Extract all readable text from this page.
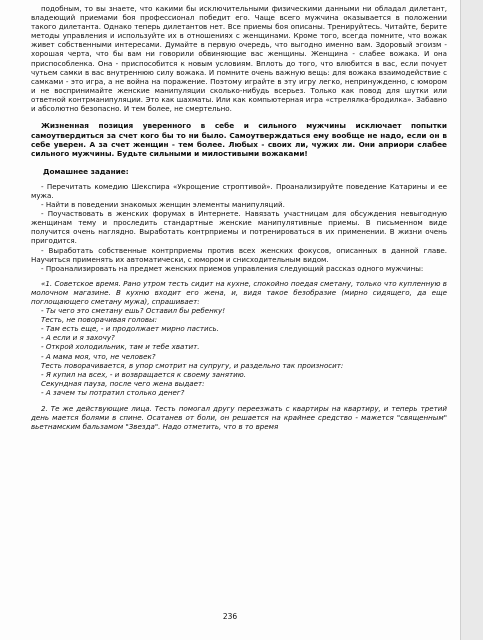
подобным, то вы знаете, что какими бы исключительными физическими данными ни обладал дилетант, владеющий приемами боя профессионал победит его. Чаще всего мужчина оказывается в положении такого дилетанта. Однако теперь дилетантов нет. Все приемы боя описаны. Тренируйтесь. Читайте, берите методы управления и используйте их в отношениях с женщинами. Кроме того, всегда помните, что вожак живет собственными интересами. Думайте в первую очередь, что выгодно именно вам. Здоровый эгоизм - хорошая черта, что бы вам ни говорили обвиняющие вас женщины. Женщина - слабее вожака. И она приспособленка. Она - приспособится к новым условиям. Вплоть до того, что влюбится в вас, если почует чутьем самки в вас внутреннюю силу вожака. И помните очень важную вещь: для вожака взаимодействие с самками - это игра, а не война на поражение. Поэтому играйте в эту игру легко, непринужденно, с юмором и не воспринимайте женские манипуляции сколько-нибудь всерьез. Только как повод для шутки или ответной контрманипуляции. Это как шахматы. Или как компьютерная игра «стрелялка-бродилка». Забавно и абсолютно безопасно. И тем более, не смертельно.

Жизненная позиция уверенного в себе и сильного мужчины исключает попытки самоутвердиться за счет кого бы то ни было. Самоутверждаться ему вообще не надо, если он в себе уверен. А за счет женщин - тем более. Любых - своих ли, чужих ли. Они априори слабее сильного мужчины. Будьте сильными и милостивыми вожаками!

Домашнее задание:

- Перечитать комедию Шекспира «Укрощение строптивой». Проанализируйте поведение Катарины и ее мужа.

- Найти в поведении знакомых женщин элементы манипуляций.

- Поучаствовать в женских форумах в Интернете. Навязать участницам для обсуждения невыгодную женщинам тему и проследить стандартные женские манипулятивные приемы. В письменном виде получится очень наглядно. Выработать контрприемы и потренироваться в их применении. В жизни очень пригодится.

- Выработать собственные контрприемы против всех женских фокусов, описанных в данной главе. Научиться применять их автоматически, с юмором и снисходительным видом.

- Проанализировать на предмет женских приемов управления следующий рассказ одного мужчины:

«1. Советское время. Рано утром тесть сидит на кухне, спокойно поедая сметану, только что купленную в молочном магазине. В кухню входит его жена, и, видя такое безобразие (мирно сидящего, да еще поглощающего сметану мужа), спрашивает:

- Ты чего это сметану ешь? Оставил бы ребенку!

Тесть, не поворачивая головы:

- Там есть еще, - и продолжает мирно пастись.

- А если и я захочу?

- Открой холодильник, там и тебе хватит.

- А мама моя, что, не человек?

Тесть поворачивается, в упор смотрит на супругу, и раздельно так произносит:

- Я купил на всех, - и возвращается к своему занятию.

Секундная пауза, после чего жена выдает:

- А зачем ты потратил столько денег?

2. Те же действующие лица. Тесть помогал другу переезжать с квартиры на квартиру, и теперь третий день мается болями в спине. Осатанев от боли, он решается на крайнее средство - мажется "священным" вьетнамским бальзамом "Звезда". Надо отметить, что в то время

236
